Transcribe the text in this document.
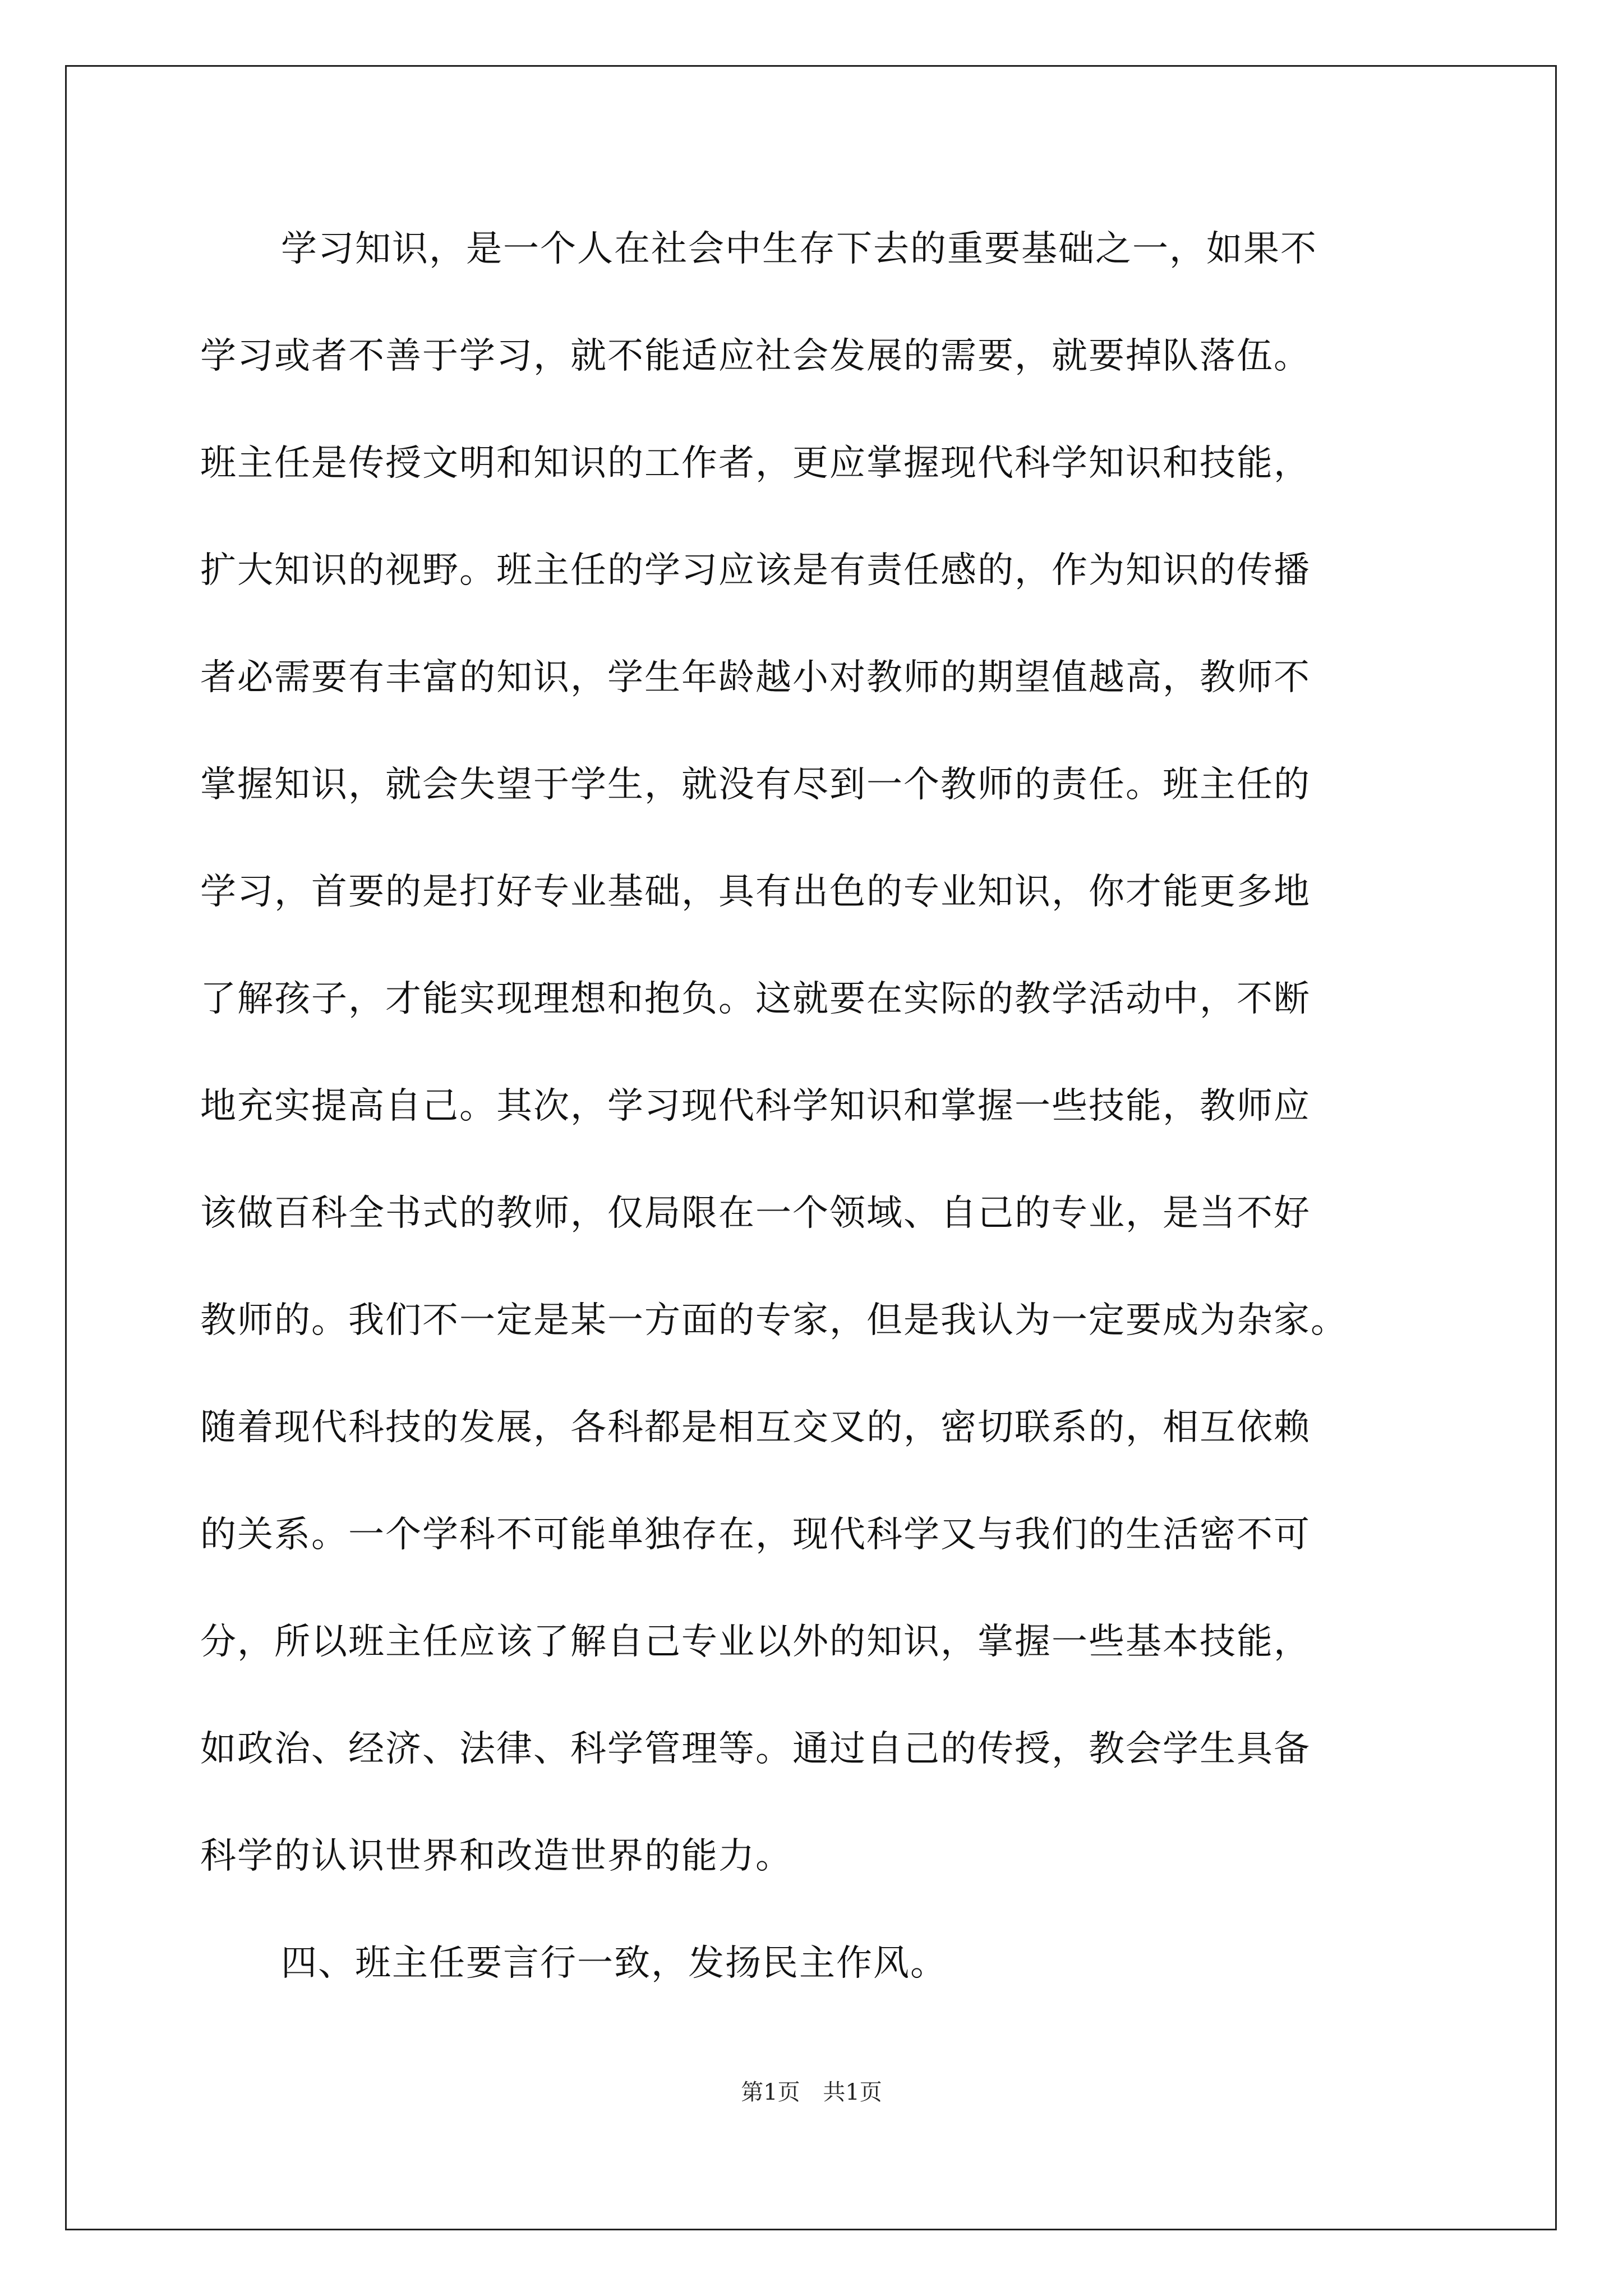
学习知识，是一个人在社会中生存下去的重要基础之一，如果不
学习或者不善于学习，就不能适应社会发展的需要，就要掉队落伍。
班主任是传授文明和知识的工作者，更应掌握现代科学知识和技能，
扩大知识的视野。班主任的学习应该是有责任感的，作为知识的传播
者必需要有丰富的知识，学生年龄越小对教师的期望值越高，教师不
掌握知识，就会失望于学生，就没有尽到一个教师的责任。班主任的
学习，首要的是打好专业基础，具有出色的专业知识，你才能更多地
了解孩子，才能实现理想和抱负。这就要在实际的教学活动中，不断
地充实提高自己。其次，学习现代科学知识和掌握一些技能，教师应
该做百科全书式的教师，仅局限在一个领域、自己的专业，是当不好
教师的。我们不一定是某一方面的专家，但是我认为一定要成为杂家。
随着现代科技的发展，各科都是相互交叉的，密切联系的，相互依赖
的关系。一个学科不可能单独存在，现代科学又与我们的生活密不可
分，所以班主任应该了解自己专业以外的知识，掌握一些基本技能，
如政治、经济、法律、科学管理等。通过自己的传授，教会学生具备
科学的认识世界和改造世界的能力。
四、班主任要言行一致，发扬民主作风。
第1页 共1页
